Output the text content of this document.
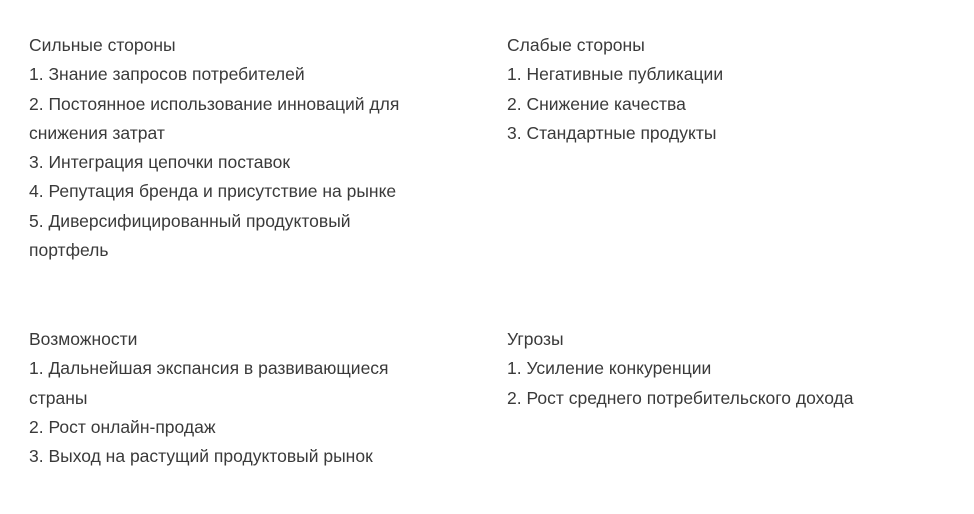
Сильные стороны
1. Знание запросов потребителей
2. Постоянное использование инноваций для снижения затрат
3. Интеграция цепочки поставок
4. Репутация бренда и присутствие на рынке
5. Диверсифицированный продуктовый портфель
Слабые стороны
1. Негативные публикации
2. Снижение качества
3. Стандартные продукты
Возможности
1. Дальнейшая экспансия в развивающиеся страны
2. Рост онлайн-продаж
3. Выход на растущий продуктовый рынок
Угрозы
1. Усиление конкуренции
2. Рост среднего потребительского дохода
